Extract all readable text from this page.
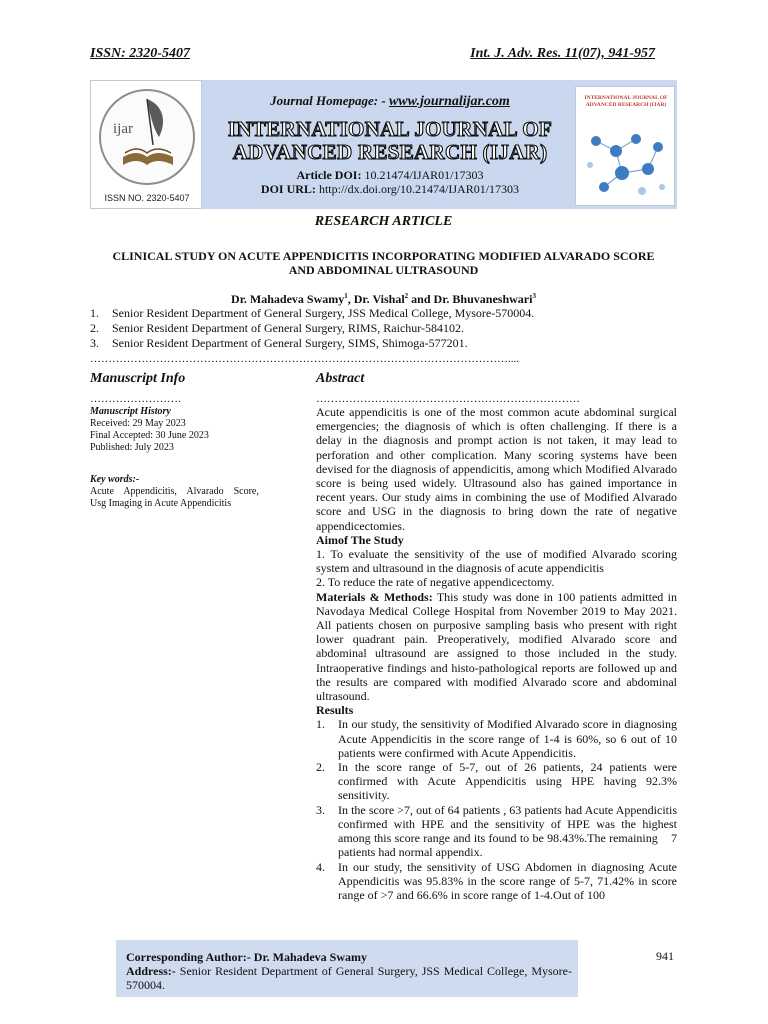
ISSN: 2320-5407	Int. J. Adv. Res. 11(07), 941-957
ijar
ISSN NO. 2320-5407
Journal Homepage: - www.journalijar.com
INTERNATIONAL JOURNAL OF
ADVANCED RESEARCH (IJAR)
Article DOI: 10.21474/IJAR01/17303
DOI URL: http://dx.doi.org/10.21474/IJAR01/17303
INTERNATIONAL JOURNAL OF ADVANCED RESEARCH (IJAR)
RESEARCH ARTICLE
CLINICAL STUDY ON ACUTE APPENDICITIS INCORPORATING MODIFIED ALVARADO SCORE
AND ABDOMINAL ULTRASOUND
Dr. Mahadeva Swamy$^1$, Dr. Vishal$^2$ and Dr. Bhuvaneshwari$^3$
1. Senior Resident Department of General Surgery, JSS Medical College, Mysore-570004.
2. Senior Resident Department of General Surgery, RIMS, Raichur-584102.
3. Senior Resident Department of General Surgery, SIMS, Shimoga-577201.
……………………………………………………………………………………………………....
Manuscript Info
…………………….
Manuscript History
Received: 29 May 2023
Final Accepted: 30 June 2023
Published: July 2023
Key words:-
Acute    Appendicitis,    Alvarado    Score,
Usg Imaging in Acute Appendicitis
Abstract
………………………………………………………………

Acute appendicitis is one of the most common acute abdominal surgical emergencies; the diagnosis of which is often challenging. If there is a delay in the diagnosis and prompt action is not taken, it may lead to perforation and other complication. Many scoring systems have been devised for the diagnosis of appendicitis, among which Modified Alvarado score is being used widely. Ultrasound also has gained importance in recent years. Our study aims in combining the use of Modified Alvarado score and USG in the diagnosis to bring down the rate of negative appendicectomies.

Aimof The Study

1. To evaluate the sensitivity of the use of modified Alvarado scoring system and ultrasound in the diagnosis of acute appendicitis

2. To reduce the rate of negative appendicectomy.

Materials & Methods: This study was done in 100 patients admitted in Navodaya Medical College Hospital from November 2019 to May 2021. All patients chosen on purposive sampling basis who present with right lower quadrant pain. Preoperatively, modified Alvarado score and abdominal ultrasound are assigned to those included in the study. Intraoperative findings and histo-pathological reports are followed up and the results are compared with modified Alvarado score and abdominal ultrasound.

Results

1. In our study, the sensitivity of Modified Alvarado score in diagnosing Acute Appendicitis in the score range of 1-4 is 60%, so 6 out of 10 patients were confirmed with Acute Appendicitis.
2. In the score range of 5-7, out of 26 patients, 24 patients were confirmed with Acute Appendicitis using HPE having 92.3% sensitivity.
3. In the score >7, out of 64 patients , 63 patients had Acute Appendicitis confirmed with HPE and the sensitivity of HPE was the highest among this score range and its found to be 98.43%.The remaining    7 patients had normal appendix.
4. In our study, the sensitivity of USG Abdomen in diagnosing Acute Appendicitis was 95.83% in the score range of 5-7, 71.42% in score range of >7 and 66.6% in score range of 1-4.Out of 100
Corresponding Author:- Dr. Mahadeva Swamy
Address:- Senior Resident Department of General Surgery, JSS Medical College, Mysore-570004.
941
